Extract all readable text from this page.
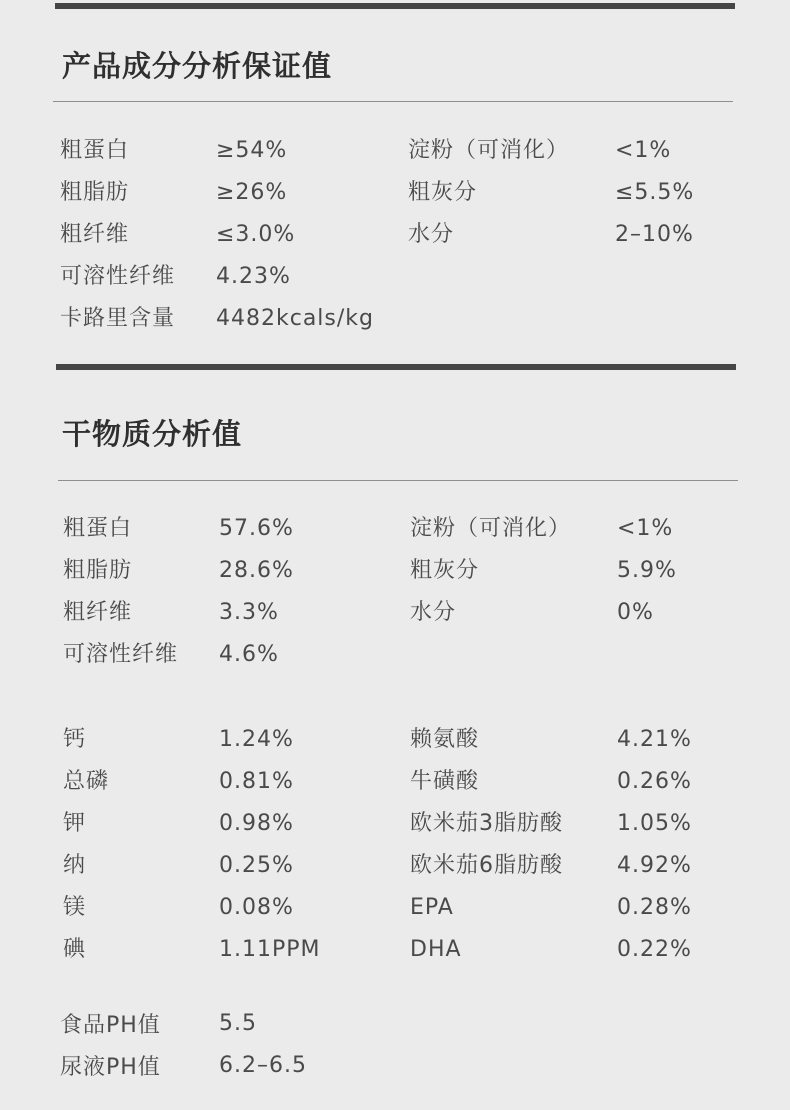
产品成分分析保证值
粗蛋白	≥54%	淀粉（可消化） <1%
粗脂肪	≥26%	粗灰分	≤5.5%
粗纤维	≤3.0%	水分	2–10%
可溶性纤维 4.23%
卡路里含量 4482kcals/kg
干物质分析值
粗蛋白	57.6%	淀粉（可消化） <1%
粗脂肪	28.6%	粗灰分	5.9%
粗纤维	3.3%	水分	0%
可溶性纤维 4.6%
钙	1.24%	赖氨酸	4.21%
总磷	0.81%	牛磺酸	0.26%
钾	0.98%	欧米茄3脂肪酸 1.05%
纳	0.25%	欧米茄6脂肪酸 4.92%
镁	0.08%	EPA	0.28%
碘	1.11PPM	DHA	0.22%
食品PH值	5.5
尿液PH值	6.2–6.5
